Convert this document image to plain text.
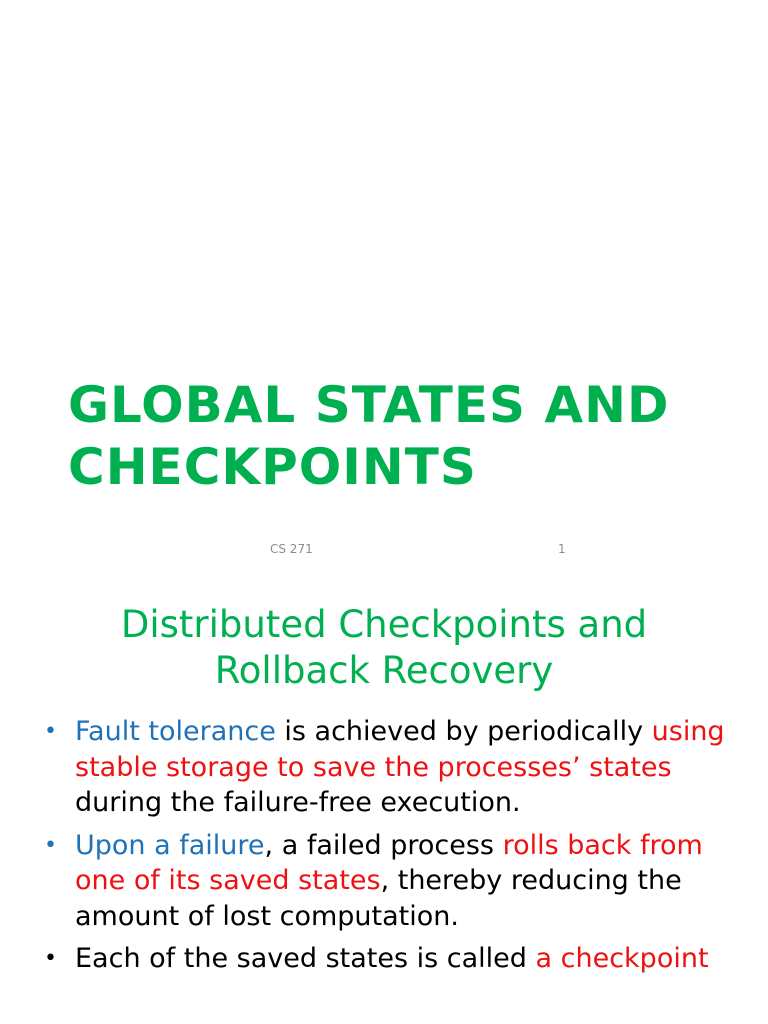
GLOBAL STATES AND
CHECKPOINTS
CS 271	1
Distributed Checkpoints and
Rollback Recovery
• Fault tolerance is achieved by periodically using stable storage to save the processes’ states during the failure-free execution.
• Upon a failure, a failed process rolls back from one of its saved states, thereby reducing the amount of lost computation.
• Each of the saved states is called a checkpoint
